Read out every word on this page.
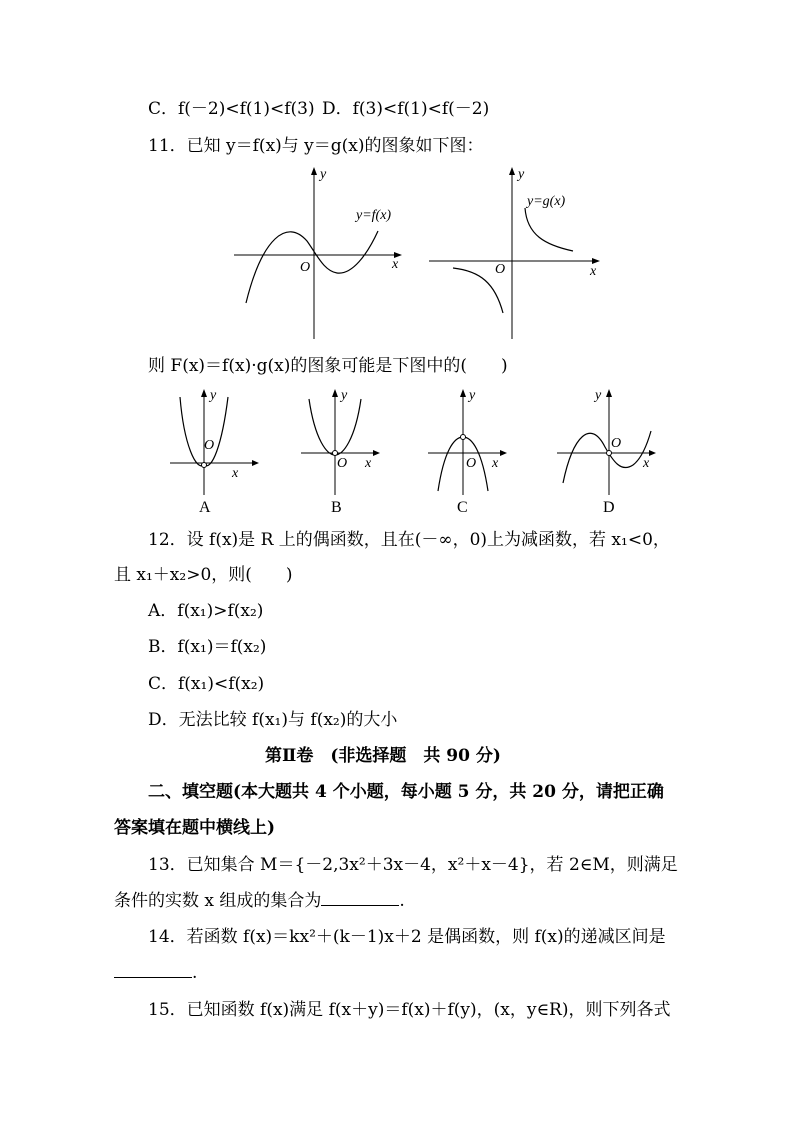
C．f(－2)<f(1)<f(3) D．f(3)<f(1)<f(－2)
11．已知 y＝f(x)与 y＝g(x)的图象如下图：
x
y
O
y=f(x)
x
y
O
y=g(x)
则 F(x)＝f(x)·g(x)的图象可能是下图中的(　　)
y
x
O
y
x
O
y
x
O
y
x
O
A	B	C	D
12．设 f(x)是 R 上的偶函数，且在(－∞，0)上为减函数，若 x₁<0，
且 x₁＋x₂>0，则(　　)
A．f(x₁)>f(x₂)
B．f(x₁)＝f(x₂)
C．f(x₁)<f(x₂)
D．无法比较 f(x₁)与 f(x₂)的大小
第Ⅱ卷　(非选择题　共 90 分)
二、填空题(本大题共 4 个小题，每小题 5 分，共 20 分，请把正确
答案填在题中横线上)
13．已知集合 M＝{－2,3x²＋3x－4，x²＋x－4}，若 2∈M，则满足
条件的实数 x 组成的集合为	.
14．若函数 f(x)＝kx²＋(k－1)x＋2 是偶函数，则 f(x)的递减区间是
.
15．已知函数 f(x)满足 f(x＋y)＝f(x)＋f(y)，(x，y∈R)，则下列各式
